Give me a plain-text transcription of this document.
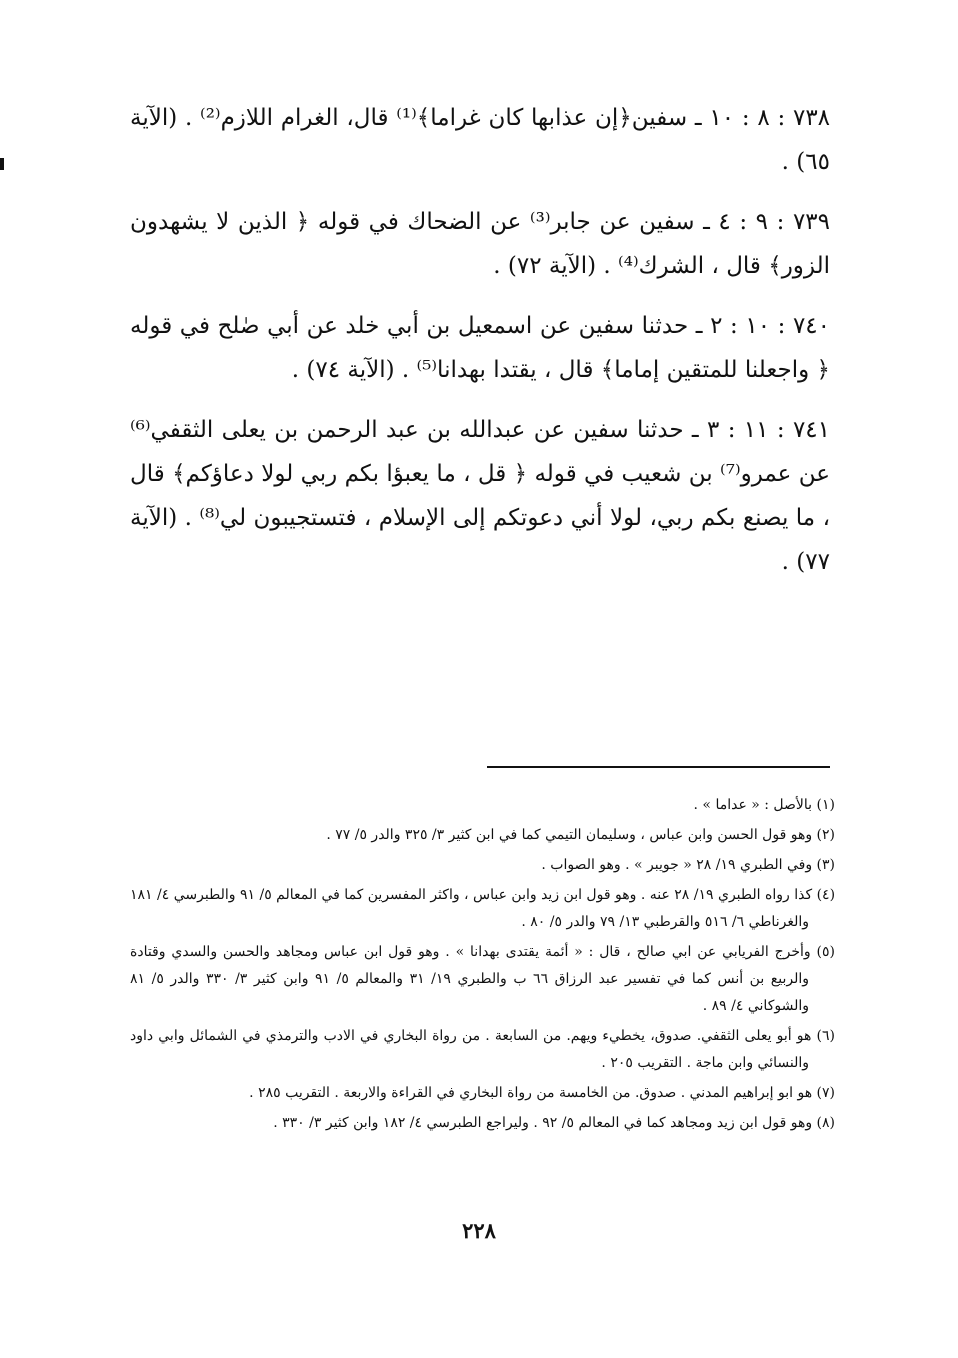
٧٣٨ : ٨ : ١٠ ـ سفين﴿إن عذابها كان غراما﴾⁽¹⁾ قال، الغرام اللازم⁽²⁾ . (الآية ٦٥) .

٧٣٩ : ٩ : ٤ ـ سفين عن جابر⁽³⁾ عن الضحاك في قوله ﴿ الذين لا يشهدون الزور﴾ قال ، الشرك⁽⁴⁾ . (الآية ٧٢) .

٧٤٠ : ١٠ : ٢ ـ حدثنا سفين عن اسمعيل بن أبي خلد عن أبي صٰلح في قوله ﴿ واجعلنا للمتقين إماما﴾ قال ، يقتدا بهدانا⁽⁵⁾ . (الآية ٧٤) .

٧٤١ : ١١ : ٣ ـ حدثنا سفين عن عبدالله بن عبد الرحمن بن يعلى الثقفي⁽⁶⁾ عن عمرو⁽⁷⁾ بن شعيب في قوله ﴿ قل ، ما يعبؤا بكم ربي لولا دعاؤكم﴾ قال ، ما يصنع بكم ربي، لولا أني دعوتكم إلى الإسلام ، فتستجيبون لي⁽⁸⁾ . (الآية ٧٧) .

(١) بالأصل : « عداما » .

(٢) وهو قول الحسن وابن عباس ، وسليمان التيمي كما في ابن كثير ٣/ ٣٢٥ والدر ٥/ ٧٧ .

(٣) وفي الطبري ١٩/ ٢٨ « جويبر » . وهو الصواب .

(٤) كذا رواه الطبري ١٩/ ٢٨ عنه . وهو قول ابن زيد وابن عباس ، واكثر المفسرين كما في المعالم ٥/ ٩١ والطبرسي ٤/ ١٨١ والغرناطي ٦/ ٥١٦ والقرطبي ١٣/ ٧٩ والدر ٥/ ٨٠ .

(٥) وأخرج الفريابي عن ابي صالح ، قال : « أئمة يقتدى بهدانا » . وهو قول ابن عباس ومجاهد والحسن والسدي وقتادة والربيع بن أنس كما في تفسير عبد الرزاق ٦٦ ب والطبري ١٩/ ٣١ والمعالم ٥/ ٩١ وابن كثير ٣/ ٣٣٠ والدر ٥/ ٨١ والشوكاني ٤/ ٨٩ .

(٦) هو أبو يعلى الثقفي. صدوق، يخطيء ويهم. من السابعة . من رواة البخاري في الادب والترمذي في الشمائل وابي داود والنسائي وابن ماجة . التقريب ٢٠٥ .

(٧) هو ابو إبراهيم المدني . صدوق. من الخامسة من رواة البخاري في القراءة والاربعة . التقريب ٢٨٥ .

(٨) وهو قول ابن زيد ومجاهد كما في المعالم ٥/ ٩٢ . وليراجع الطبرسي ٤/ ١٨٢ وابن كثير ٣/ ٣٣٠ .

٢٢٨
